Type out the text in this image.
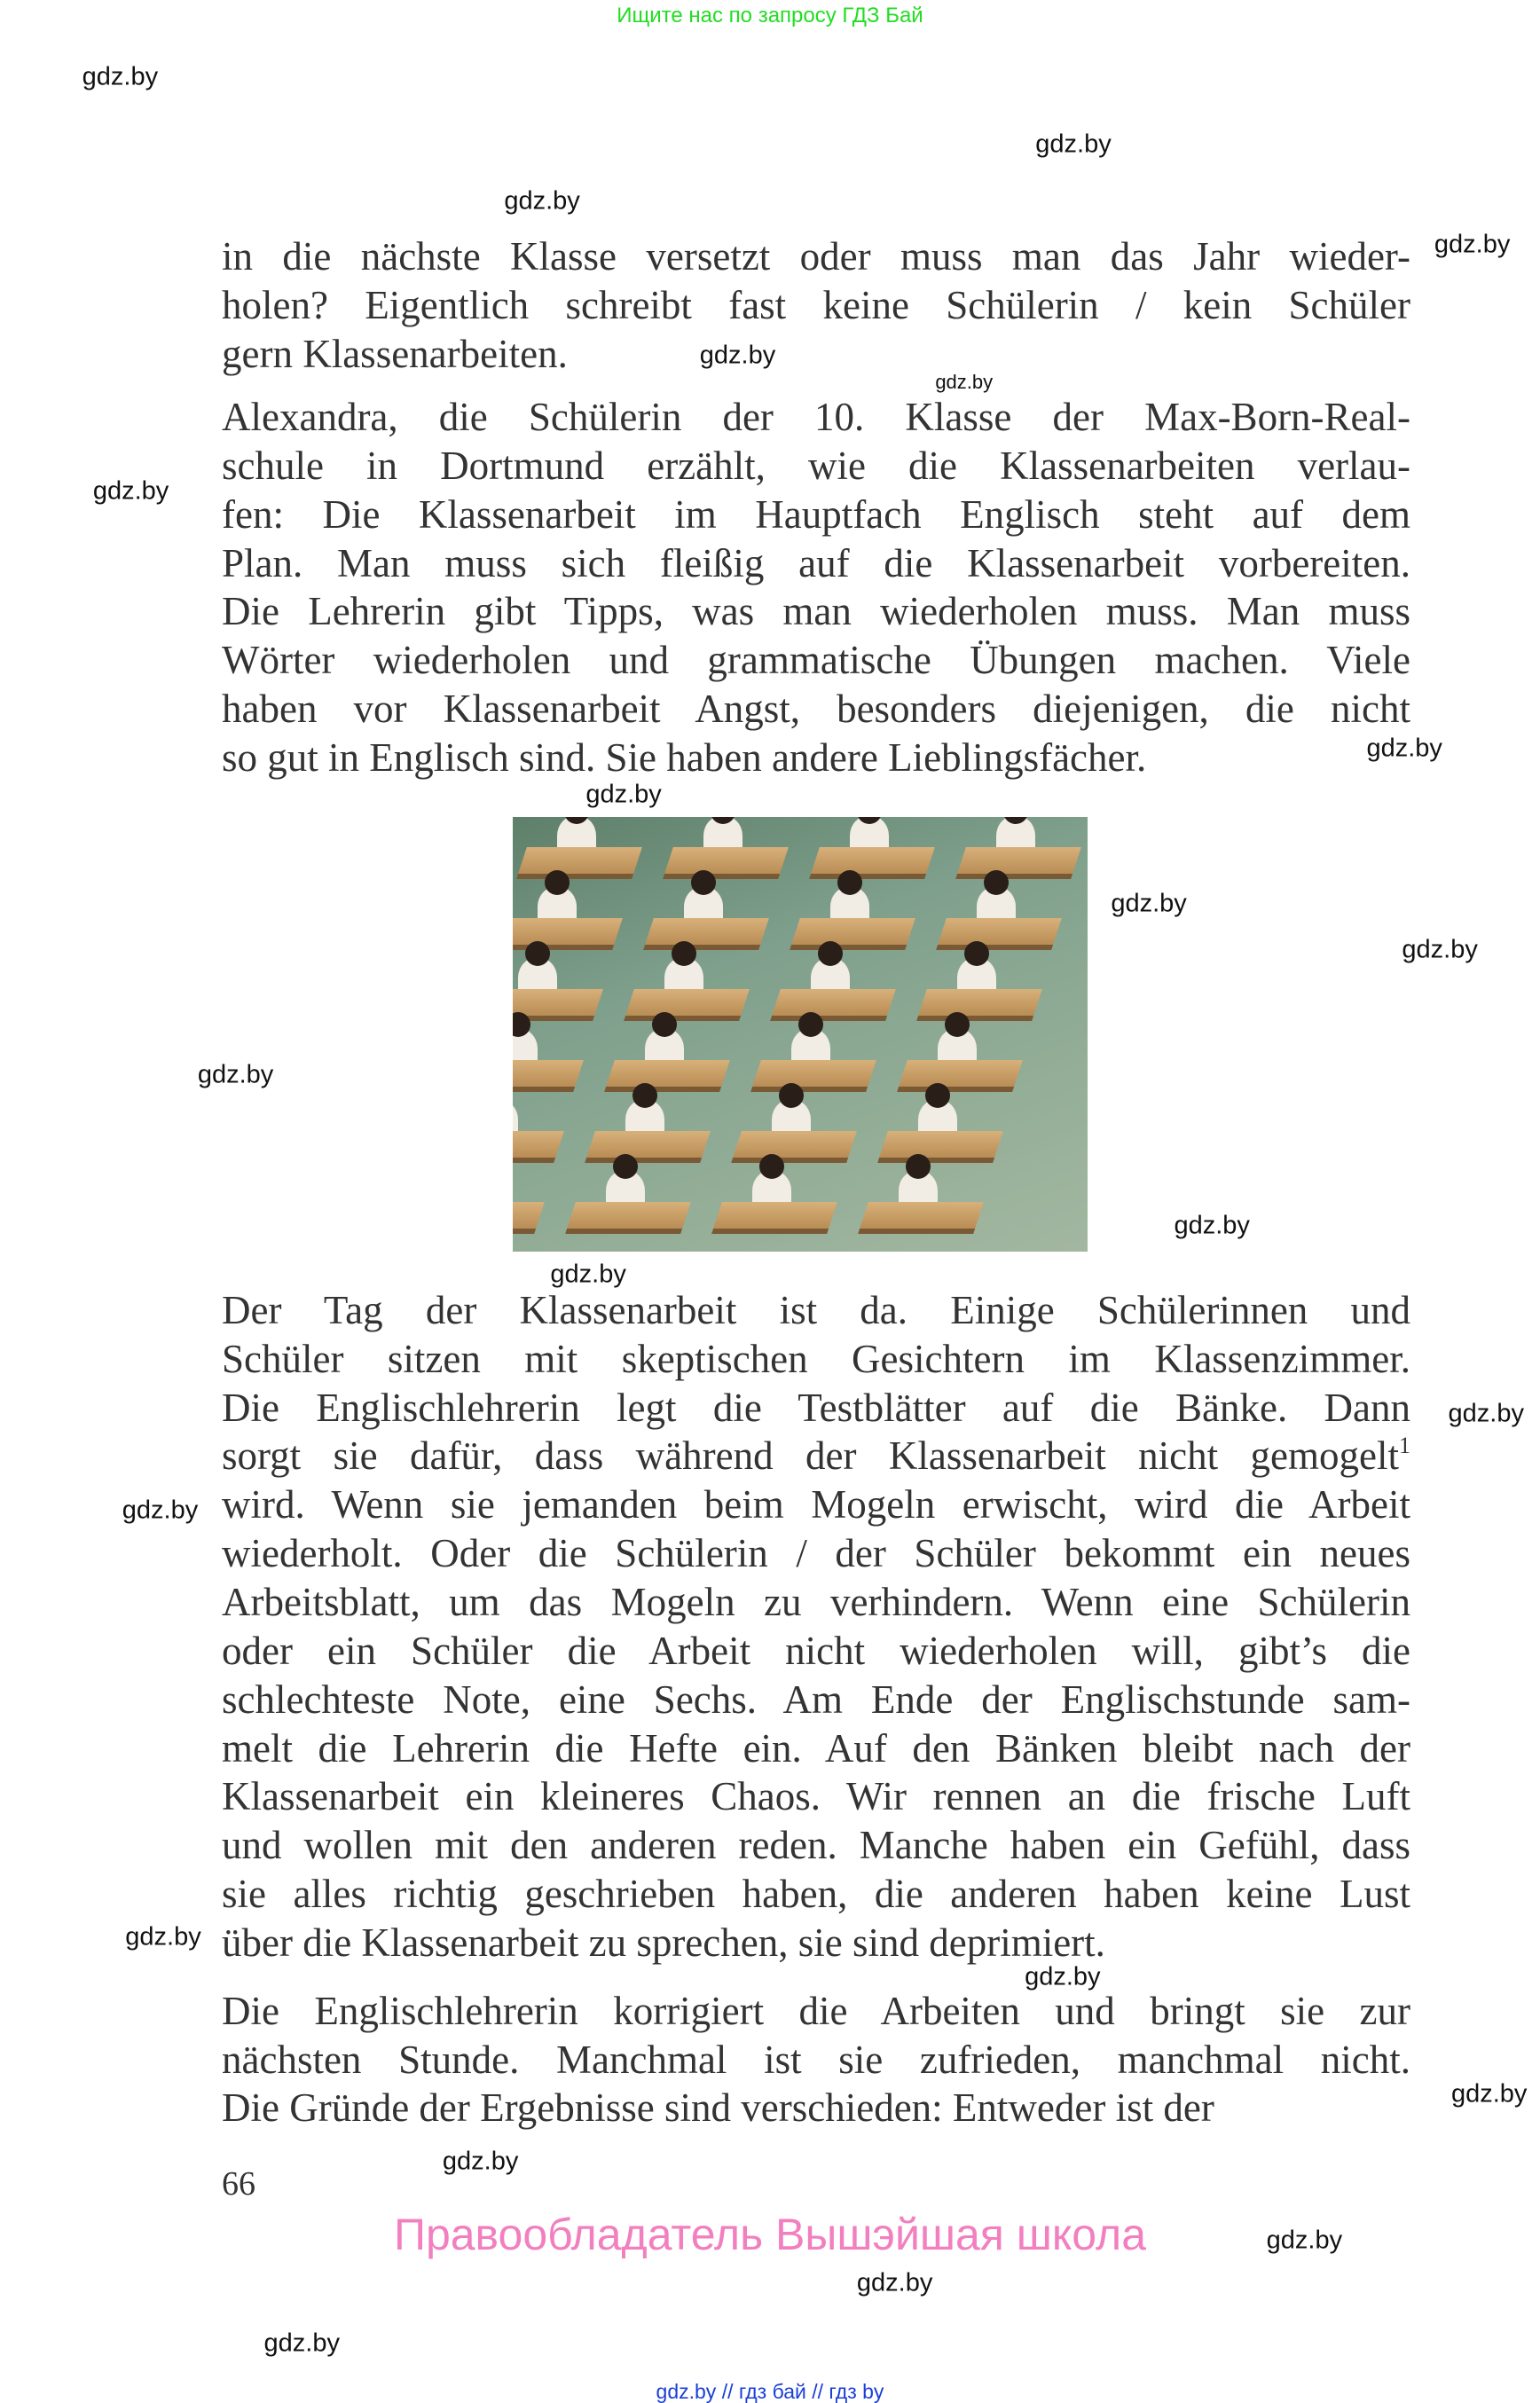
Ищите нас по запросу ГДЗ Бай
in die nächste Klasse versetzt oder muss man das Jahr wieder-
holen? Eigentlich schreibt fast keine Schülerin / kein Schüler
gern Klassenarbeiten.
Alexandra, die Schülerin der 10. Klasse der Max-Born-Real-
schule in Dortmund erzählt, wie die Klassenarbeiten verlau-
fen: Die Klassenarbeit im Hauptfach Englisch steht auf dem
Plan. Man muss sich fleißig auf die Klassenarbeit vorbereiten.
Die Lehrerin gibt Tipps, was man wiederholen muss. Man muss
Wörter wiederholen und grammatische Übungen machen. Viele
haben vor Klassenarbeit Angst, besonders diejenigen, die nicht
so gut in Englisch sind. Sie haben andere Lieblingsfächer.
Der Tag der Klassenarbeit ist da. Einige Schülerinnen und
Schüler sitzen mit skeptischen Gesichtern im Klassenzimmer.
Die Englischlehrerin legt die Testblätter auf die Bänke. Dann
sorgt sie dafür, dass während der Klassenarbeit nicht gemogelt$^1$
wird. Wenn sie jemanden beim Mogeln erwischt, wird die Arbeit
wiederholt. Oder die Schülerin / der Schüler bekommt ein neues
Arbeitsblatt, um das Mogeln zu verhindern. Wenn eine Schülerin
oder ein Schüler die Arbeit nicht wiederholen will, gibt’s die
schlechteste Note, eine Sechs. Am Ende der Englischstunde sam-
melt die Lehrerin die Hefte ein. Auf den Bänken bleibt nach der
Klassenarbeit ein kleineres Chaos. Wir rennen an die frische Luft
und wollen mit den anderen reden. Manche haben ein Gefühl, dass
sie alles richtig geschrieben haben, die anderen haben keine Lust
über die Klassenarbeit zu sprechen, sie sind deprimiert.
Die Englischlehrerin korrigiert die Arbeiten und bringt sie zur
nächsten Stunde. Manchmal ist sie zufrieden, manchmal nicht.
Die Gründe der Ergebnisse sind verschieden: Entweder ist der
66
Правообладатель Вышэйшая школа
gdz.by // гдз бай // гдз by
gdz.by
gdz.by
gdz.by
gdz.by
gdz.by
gdz.by
gdz.by
gdz.by
gdz.by
gdz.by
gdz.by
gdz.by
gdz.by
gdz.by
gdz.by
gdz.by
gdz.by
gdz.by
gdz.by
gdz.by
gdz.by
gdz.by
gdz.by
